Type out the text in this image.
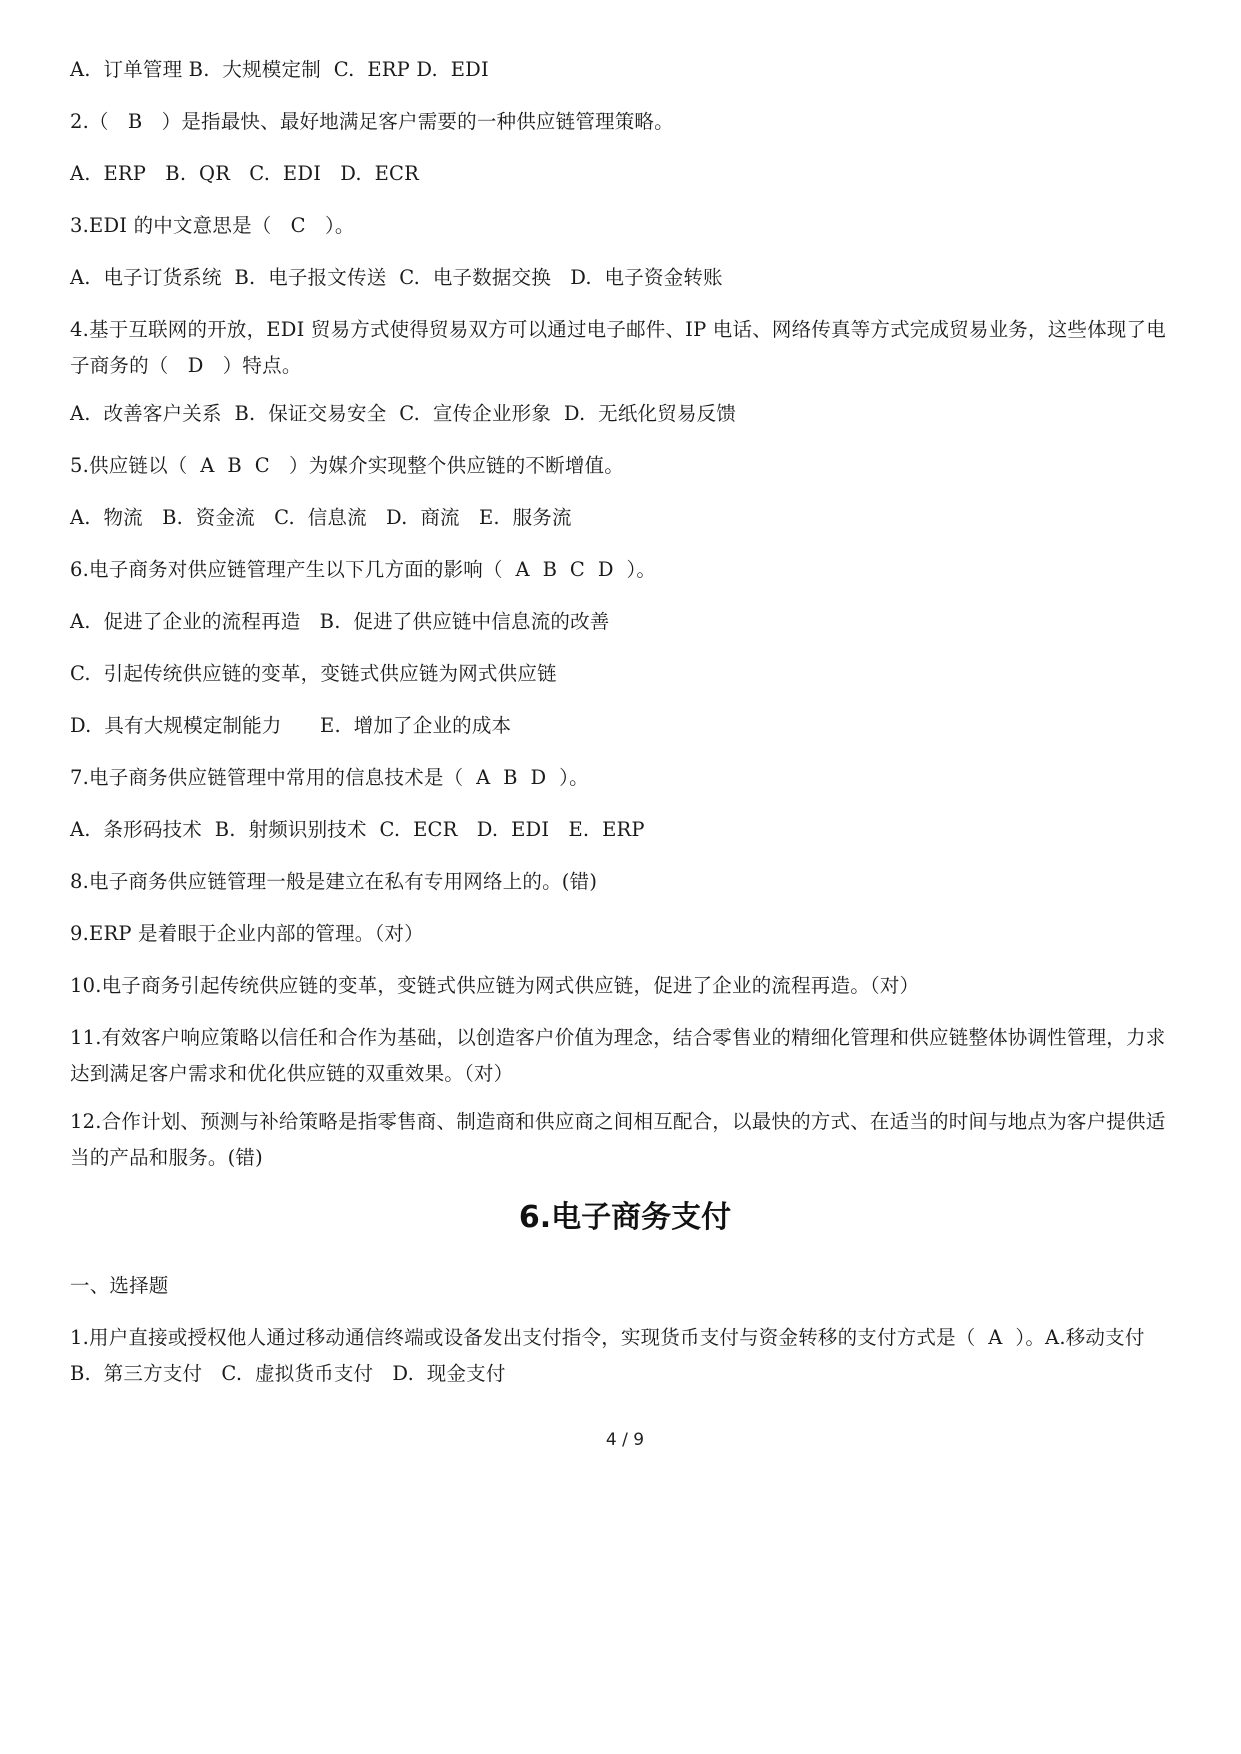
A.  订单管理 B.  大规模定制  C.  ERP D.  EDI
2.（   B   ）是指最快、最好地满足客户需要的一种供应链管理策略。
A.  ERP   B.  QR   C.  EDI   D.  ECR
3.EDI 的中文意思是（   C   ）。
A.  电子订货系统  B.  电子报文传送  C.  电子数据交换   D.  电子资金转账
4.基于互联网的开放，EDI 贸易方式使得贸易双方可以通过电子邮件、IP 电话、网络传真等方式完成贸易业务，这些体现了电子商务的（   D   ）特点。
A.  改善客户关系  B.  保证交易安全  C.  宣传企业形象  D.  无纸化贸易反馈
5.供应链以（  A  B  C   ）为媒介实现整个供应链的不断增值。
A.  物流   B.  资金流   C.  信息流   D.  商流   E.  服务流
6.电子商务对供应链管理产生以下几方面的影响（  A  B  C  D  ）。
A.  促进了企业的流程再造   B.  促进了供应链中信息流的改善
C.  引起传统供应链的变革，变链式供应链为网式供应链
D.  具有大规模定制能力      E.  增加了企业的成本
7.电子商务供应链管理中常用的信息技术是（  A  B  D  ）。
A.  条形码技术  B.  射频识别技术  C.  ECR   D.  EDI   E.  ERP
8.电子商务供应链管理一般是建立在私有专用网络上的。(错)
9.ERP 是着眼于企业内部的管理。（对）
10.电子商务引起传统供应链的变革，变链式供应链为网式供应链，促进了企业的流程再造。（对）
11.有效客户响应策略以信任和合作为基础，以创造客户价值为理念，结合零售业的精细化管理和供应链整体协调性管理，力求达到满足客户需求和优化供应链的双重效果。（对）
12.合作计划、预测与补给策略是指零售商、制造商和供应商之间相互配合，以最快的方式、在适当的时间与地点为客户提供适当的产品和服务。(错)
6.电子商务支付
一、选择题
1.用户直接或授权他人通过移动通信终端或设备发出支付指令，实现货币支付与资金转移的支付方式是（  A  ）。A.移动支付   B.  第三方支付   C.  虚拟货币支付   D.  现金支付
4 / 9
